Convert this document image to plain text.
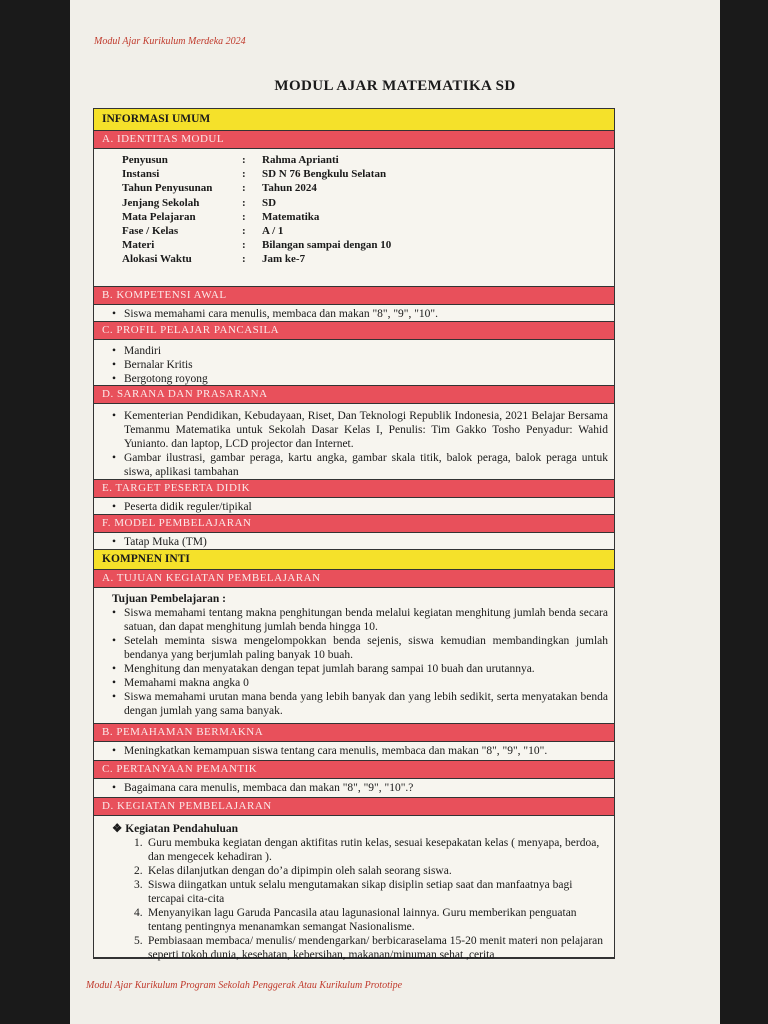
Modul Ajar Kurikulum Merdeka 2024
MODUL AJAR MATEMATIKA SD
INFORMASI UMUM
A. IDENTITAS MODUL
Penyusun	:	Rahma Aprianti
Instansi	:	SD N 76 Bengkulu Selatan
Tahun Penyusunan	:	Tahun 2024
Jenjang Sekolah	:	SD
Mata Pelajaran	:	Matematika
Fase / Kelas	:	A / 1
Materi	:	Bilangan sampai dengan 10
Alokasi Waktu	:	Jam ke-7
B. KOMPETENSI AWAL
• Siswa memahami cara menulis, membaca dan makan "8", "9", "10".
C. PROFIL PELAJAR PANCASILA
• Mandiri
• Bernalar Kritis
• Bergotong royong
D. SARANA DAN PRASARANA
• Kementerian Pendidikan, Kebudayaan, Riset, Dan Teknologi Republik Indonesia, 2021 Belajar Bersama Temanmu Matematika untuk Sekolah Dasar Kelas I, Penulis: Tim Gakko Tosho Penyadur: Wahid Yunianto. dan laptop, LCD projector dan Internet.
• Gambar ilustrasi, gambar peraga, kartu angka, gambar skala titik, balok peraga, balok peraga untuk siswa, aplikasi tambahan
E. TARGET PESERTA DIDIK
• Peserta didik reguler/tipikal
F. MODEL PEMBELAJARAN
• Tatap Muka (TM)
KOMPNEN INTI
A. TUJUAN KEGIATAN PEMBELAJARAN
Tujuan Pembelajaran :
• Siswa memahami tentang makna penghitungan benda melalui kegiatan menghitung jumlah benda secara satuan, dan dapat menghitung jumlah benda hingga 10.
• Setelah meminta siswa mengelompokkan benda sejenis, siswa kemudian membandingkan jumlah bendanya yang berjumlah paling banyak 10 buah.
• Menghitung dan menyatakan dengan tepat jumlah barang sampai 10 buah dan urutannya.
• Memahami makna angka 0
• Siswa memahami urutan mana benda yang lebih banyak dan yang lebih sedikit, serta menyatakan benda dengan jumlah yang sama banyak.
B. PEMAHAMAN BERMAKNA
• Meningkatkan kemampuan siswa tentang cara menulis, membaca dan makan "8", "9", "10".
C. PERTANYAAN PEMANTIK
• Bagaimana cara menulis, membaca dan makan "8", "9", "10".?
D. KEGIATAN PEMBELAJARAN
❖ Kegiatan Pendahuluan
1. Guru membuka kegiatan dengan aktifitas rutin kelas, sesuai kesepakatan kelas ( menyapa, berdoa, dan mengecek kehadiran ).
2. Kelas dilanjutkan dengan do’a dipimpin oleh salah seorang siswa.
3. Siswa diingatkan untuk selalu mengutamakan sikap disiplin setiap saat dan manfaatnya bagi tercapai cita-cita
4. Menyanyikan lagu Garuda Pancasila atau lagunasional lainnya. Guru memberikan penguatan tentang pentingnya menanamkan semangat Nasionalisme.
5. Pembiasaan membaca/ menulis/ mendengarkan/ berbicaraselama 15-20 menit materi non pelajaran seperti tokoh dunia, kesehatan, kebersihan, makanan/minuman sehat ,cerita
Modul Ajar Kurikulum Program Sekolah Penggerak Atau Kurikulum Prototipe
